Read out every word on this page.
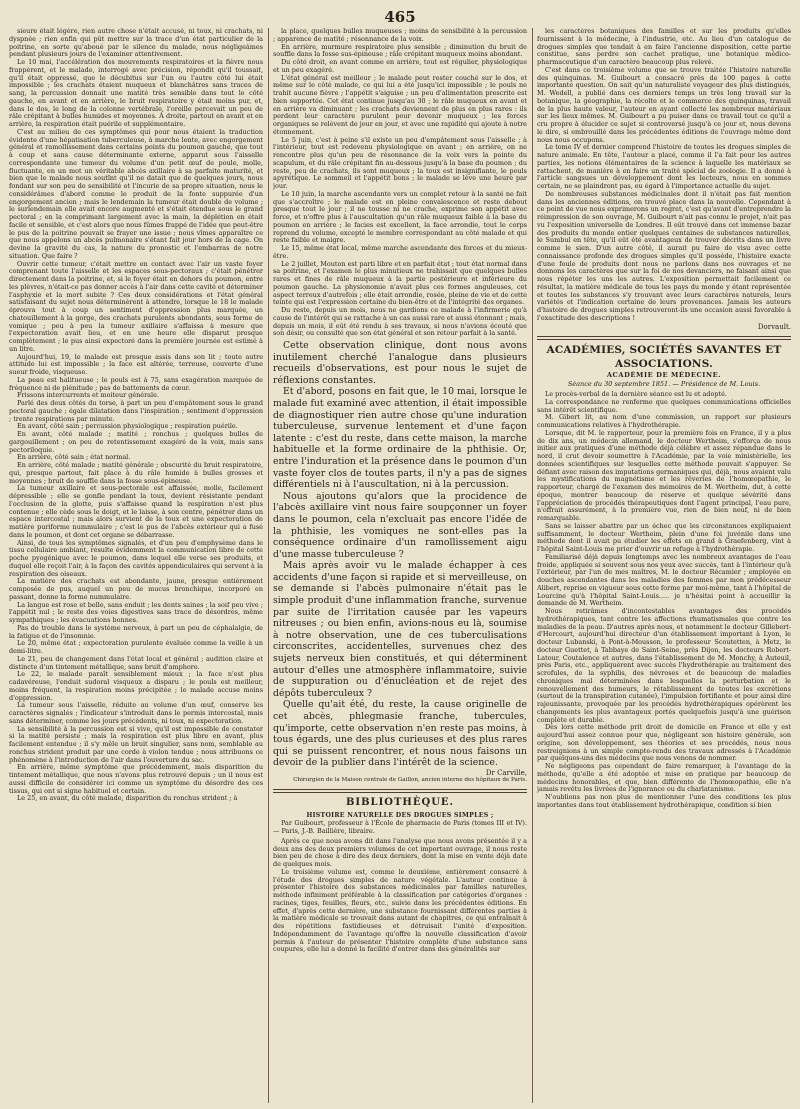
465

sieure était légère, rien autre chose n'était accusé, ni toux, ni crachats, ni dyspnée ; rien enfin qui pût mettre sur la trace d'un état particulier de la poitrine, en sorte qu'aboué par le silence du malade, nous négligeâmes pendant plusieurs jours de l'examiner attentivement.

Le 10 mai, l'accélération des mouvements respiratoires et la fièvre nous frappèrent, et le malade, interrogé avec précision, répondit qu'il toussait, qu'il était oppressé, que le décubitus sur l'un ou l'autre côté lui était impossible ; les crachats étaient muqueux et blanchâtres sans traces de sang, la percussion donnait une matité très sensible dans tout le côté gauche, en avant et en arrière, le bruit respiratoire y était moins pur, et, dans le dos, le long de la colonne vertébrale, l'oreille percevait un peu de râle crépitant à bulles humides et moyennes. À droite, partout en avant et en arrière, la respiration était puérile et supplémentaire.

C'est au milieu de ces symptômes qui pour nous étaient la traduction évidente d'une hépatisation tuberculeuse, à marche lente, avec engorgement général et ramollissement dans certains points du poumon gauche, que tout à coup et sans cause déterminante externe, apparut sous l'aisselle correspondante une tumeur du volume d'un petit œuf de poule, molle, fluctuante, en un mot un véritable abcès axillaire à sa parfaite maturité, et bien que le malade nous soutînt qu'il ne datait que de quelques jours, nous fondant sur son peu de sensibilité et l'incurie de sa propre situation, nous le considérâmes d'abord comme le produit de la fonte suppurée d'un engorgement ancien ; mais le lendemain la tumeur était double de volume ; le surlendemain elle avait encore augmenté et s'était étendue sous le grand pectoral ; en la comprimant largement avec la main, la déplétion en était facile et sensible, et c'est alors que nous fûmes frappé de l'idée que peut-être le pus de la poitrine pouvait se frayer une issue ; nous vîmes apparaître ce que nous appelons un abcès pulmonaire s'étant fait jour hors de la cage. On devine la gravité du cas, la nature du pronostic et l'embarras de notre situation. Que faire ?

Ouvrir cette tumeur, c'était mettre en contact avec l'air un vaste foyer comprenant toute l'aisselle et les espaces sous-pectoraux ; c'était pénétrer directement dans la poitrine, et, si le foyer était en dehors du poumon, entre les plèvres, n'était-ce pas donner accès à l'air dans cette cavité et déterminer l'asphyxie et la mort subite ? Ces deux considérations et l'état général satisfaisant du sujet nous déterminèrent à attendre, lorsque le 18 le malade éprouva tout à coup un sentiment d'oppression plus marquée, un chatouillement à la gorge, des crachats purulents abondants, sous forme de vomique ; peu à peu la tumeur axillaire s'affaissa à mesure que l'expectoration avait lieu, et en une heure elle disparut presque complètement ; le pus ainsi expectoré dans la première journée est estimé à un litre.

Aujourd'hui, 19, le malade est presque assis dans son lit ; toute autre attitude lui est impossible ; la face est altérée, terreuse, couverte d'une sueur froide, visqueuse.

La peau est halitueuse ; le pouls est à 75, sans exagération marquée de fréquence ni de plénitude ; pas de battements de cœur.

Frissons intercurrents et moiteur générale.

Parlé des deux côtés du torse, à part un peu d'empâtement sous le grand pectoral gauche ; égale dilatation dans l'inspiration ; sentiment d'oppression ; trente respirations par minute.

En avant, côté sain ; percussion physiologique ; respiration puérile.

En avant, côté malade ; matité ; ronchus ; quelques bulles de gargouillement ; on peu de retentissement exagéré de la voix, mais sans pectoriloquie.

En arrière, côté sain ; état normal.

En arrière, côté malade ; matité générale ; obscurité du bruit respiratoire, qui, presque partout, fait place à du râle humide à bulles grosses et moyennes ; bruit de souffle dans la fosse sous-épineuse.

La tumeur axillaire et sous-pectorale est affaissée, molle, facilement dépressible ; elle se gonfle pendant la toux, devient résistante pendant l'occlusion de la glotte, puis s'affaisse quand la respiration n'est plus contenue ; elle cède sous le doigt, et le laisse, à son centre, pénétrer dans un espace intercostal ; mais alors survient de la toux et une expectoration de matière puriforme nummulaire ; c'est le pus de l'abcès extérieur qui a fusé dans le poumon, et dont cet organe se débarrasse.

Ainsi, de tous les symptômes signalés, et d'un peu d'emphysème dans le tissu cellulaire ambiant, résulte évidemment la communication libre de cette poche pyogénique avec le poumon, dans lequel elle verse ses produits, et duquel elle reçoit l'air, à la façon des cavités appendiculaires qui servent à la respiration des oiseaux.

La matière des crachats est abondante, jaune, presque entièrement composée de pus, auquel un peu de mucus bronchique, incorporé en passant, donne la forme nummulaire.

La langue est rose et belle, sans enduit ; les dents saines ; la soif peu vive ; l'appétit nul ; le reste des voies digestives sans trace de désordres, même sympathiques ; les évacuations bonnes.

Pas de trouble dans le système nerveux, à part un peu de céphalalgie, de la fatigue et de l'insomnie.

Le 20, même état ; expectoration purulente évaluée comme la veille à un demi-litre.

Le 21, peu de changement dans l'état local et général ; audition claire et distincte d'un tintement métallique, sans bruit d'amphore.

Le 22, le malade paraît sensiblement mieux ; la face n'est plus cadavéreuse, l'enduit sudoral visqueux a disparu ; le pouls est meilleur, moins fréquent, la respiration moins précipitée ; le malade accuse moins d'oppression.

La tumeur sous l'aisselle, réduite au volume d'un œuf, conserve les caractères signalés ; l'indicateur s'introduit dans le permis intercostal, mais sans déterminer, comme les jours précédents, ni toux, ni expectoration.

La sensibilité à la percussion est si vive, qu'il est impossible de constater si la matité persiste ; mais la respiration est plus libre en avant, plus facilement entendue ; il s'y mêle un bruit singulier, sans nom, semblable au ronchus strident produit par une corde à violon tendue ; nous attribuons ce phénomène à l'introduction de l'air dans l'ouverture du sac.

En arrière, même symptôme que précédemment, mais disparition du tintement métallique, que nous n'avons plus retrouvé depuis ; un il nous est aussi difficile de considérer ici comme un symptôme du désordre des ces tissus, qui ont si signe habituel et certain.

Le 25, en avant, du côté malade, disparition du ronchus strident ; à

la place, quelques bulles muqueuses ; moins de sensibilité à la percussion ; apparence de matité ; résonnance de la voix.

En arrière, murmure respiratoire plus sensible ; diminution du bruit de souffle dans la fosse sus-épineuse ; râle crépitant muqueux moins abondant.

Du côté droit, en avant comme en arrière, tout est régulier, physiologique et un peu exagéré.

L'état général est meilleur ; le malade peut rester couché sur le dos, et même sur le côté malade, ce qui lui a été jusqu'ici impossible ; le pouls ne trahit aucune fièvre ; l'appétit s'aiguise ; un peu d'alimentation prescrite est bien supportée. Cet état continue jusqu'au 30 ; le râle muqueux en avant et en arrière va diminuant ; les crachats deviennent de plus en plus rares : ils perdent leur caractère purulent pour devenir muqueux ; les forces organiques se relèvent de jour en jour, et avec une rapidité qui ajoute à notre étonnement.

Le 5 juin, c'est à peine s'il existe un peu d'empâtement sous l'aisselle ; à l'intérieur, tout est redevenu physiologique en avant ; en arrière, on ne rencontre plus qu'un peu de résonnance de la voix vers la pointe du scapulum, et du râle crépitant fin au-dessous jusqu'à la base du poumon ; du reste, peu de crachats, ils sont muqueux ; la toux est insignifiante, le pouls apyrétique. Le sommeil et l'appétit bons ; le malade se lève une heure par jour.

Le 10 juin, la marche ascendante vers un complet retour à la santé ne fait que s'accroître ; le malade est en pleine convalescence et reste debout presque tout le jour ; il ne tousse ni ne crache, exprime son appétit avec force, et n'offre plus à l'auscultation qu'un râle muqueux faible à la base du poumon en arrière ; le facies est excellent, la face arrondie, tout le corps reprend du volume, excepté le membre correspondant au côté malade et qui reste faible et maigre.

Le 15, même état local, même marche ascendante des forces et du mieux-être.

Le 2 juillet, Mouton est parti libre et en parfait état ; tout état normal dans sa poitrine, et l'examen le plus minutieux ne trahissait que quelques bulles rares et fines de râle muqueux à la partie postérieure et inférieure du poumon gauche. La physionomie n'avait plus ces formes anguleuses, cet aspect terreux d'autrefois ; elle était arrondie, rosée, pleine de vie et de cette teinte qui est l'expression certaine du bien-être et de l'intégrité des organes.

Du reste, depuis un mois, nous ne gardions ce malade à l'infirmerie qu'à cause de l'intérêt qui se rattache à un cas aussi rare et aussi étonnant ; mais, depuis un mois, il eût été rendu à ses travaux, si nous n'avions écouté que son désir, ou consulté que son état général et son retour parfait à la santé.

Cette observation clinique, dont nous avons inutilement cherché l'analogue dans plusieurs recueils d'observations, est pour nous le sujet de réflexions constantes.

Et d'abord, posons en fait que, le 10 mai, lorsque le malade fut examiné avec attention, il était impossible de diagnostiquer rien autre chose qu'une induration tuberculeuse, survenue lentement et d'une façon latente : c'est du reste, dans cette maison, la marche habituelle et la forme ordinaire de la phthisie. Or, entre l'induration et la présence dans le poumon d'un vaste foyer clos de toutes parts, il n'y a pas de signes différentiels ni à l'auscultation, ni à la percussion.

Nous ajoutons qu'alors que la procidence de l'abcès axillaire vint nous faire soupçonner un foyer dans le poumon, cela n'excluait pas encore l'idée de la phthisie, les vomiques ne sont-elles pas la conséquence ordinaire d'un ramollissement aigu d'une masse tuberculeuse ?

Mais après avoir vu le malade échapper à ces accidents d'une façon si rapide et si merveilleuse, on se demande si l'abcès pulmonaire n'était pas le simple produit d'une inflammation franche, survenue par suite de l'irritation causée par les vapeurs nitreuses ; ou bien enfin, avions-nous eu là, soumise à notre observation, une de ces tuberculisations circonscrites, accidentelles, survenues chez des sujets nerveux bien constitués, et qui déterminent autour d'elles une atmosphère inflammatoire, suivie de suppuration ou d'énucléation et de rejet des dépôts tuberculeux ?

Quelle qu'ait été, du reste, la cause originelle de cet abcès, phlegmasie franche, tubercules, qu'importe, cette observation n'en reste pas moins, à tous égards, une des plus curieuses et des plus rares qui se puissent rencontrer, et nous nous faisons un devoir de la publier dans l'intérêt de la science.

Dr Carville,

Chirurgien de la Maison centrale de Gaillon, ancien interne des hôpitaux de Paris.

BIBLIOTHÈQUE.
HISTOIRE NATURELLE DES DROGUES SIMPLES ;

Par Guibourt, professeur à l'École de pharmacie de Paris (tomes III et IV). — Paris, J.-B. Baillière, libraire.

Après ce que nous avons dit dans l'analyse que nous avons présentée il y a deux ans des deux premiers volumes de cet important ouvrage, il nous reste bien peu de chose à dire des deux derniers, dont la mise en vente déjà date de quelques mois.

Le troisième volume est, comme le deuxième, entièrement consacré à l'étude des drogues simples de nature végétale. L'auteur continue à présenter l'histoire des substances médicinales par familles naturelles, méthode infiniment préférable à la classification par catégories d'organes : racines, tiges, feuilles, fleurs, etc., suivie dans les précédentes éditions. En effet, d'après cette dernière, une substance fournissant différentes parties à la matière médicale se trouvait dans autant de chapitres, ce qui entraînait à des répétitions fastidieuses et détruisait l'unité d'exposition. Indépendamment de l'avantage qu'offre la nouvelle classification d'avoir permis à l'auteur de présenter l'histoire complète d'une substance sans coupures, elle lui a donné la facilité d'entrer dans des généralités sur

les caractères botaniques des familles et sur les produits qu'elles fournissent à la médecine, à l'industrie, etc. Au lieu d'un catalogue de drogues simples que tendait à en faire l'ancienne disposition, cette partie constitue, sans perdre son cachet pratique, une botanique médico-pharmaceutique d'un caractère beaucoup plus relevé.

C'est dans ce troisième volume que se trouve traitée l'histoire naturelle des quinquinas. M. Guibourt a consacré près de 100 pages à cette importante question. On sait qu'un naturaliste voyageur des plus distingués, M. Wedell, a publié dans ces derniers temps un très long travail sur la botanique, la géographie, la récolte et le commerce des quinquinas, travail de la plus haute valeur, l'auteur en ayant collecté les nombreux matériaux sur les lieux mêmes. M. Guibourt a pu puiser dans ce travail tout ce qu'il a cru propre à élucider ce sujet si controversé jusqu'à ce jour et, nous devons le dire, si embrouillé dans les précédentes éditions de l'ouvrage même dont nous nous occupons.

Le tome IV et dernier comprend l'histoire de toutes les drogues simples de nature animale. En tête, l'auteur a placé, comme il l'a fait pour les autres parties, les notions élémentaires de la science à laquelle les matériaux se rattachent, de manière à en faire un traité spécial de zoologie. Il a donné à l'article sangsues un développement dont les lecteurs, nous en sommes certain, ne se plaindront pas, eu égard à l'importance actuelle du sujet.

De nombreuses substances médicinales dont il n'était pas fait mention dans les anciennes éditions, on trouvé place dans la nouvelle. Cependant à ce point de vue nous exprimerons un regret, c'est qu'avant d'entreprendre la réimpression de son ouvrage, M. Guibourt n'ait pas connu le projet, n'ait pas vu l'exposition universelle de Londres. Il eût trouvé dans cet immense bazar des produits du monde entier quelques centaines de substances naturelles, le Sumbul en tête, qu'il eût été avantageux de trouver décrits dans un livre comme le sien. D'un autre côté, il aurait pu faire de visu avec cette connaissance profonde des drogues simples qu'il possède, l'histoire exacte d'une foule de produits dont nous ne parlons dans nos ouvrages et ne donnons les caractères que sur la foi de nos devanciers, ne faisant ainsi que nous répéter les uns les autres. L'exposition permettait facilement ce résultat, la matière médicale de tous les pays du monde y étant représentée et toutes les substances s'y trouvant avec leurs caractères naturels, leurs variétés et l'indication certaine de leurs provenances. Jamais les auteurs d'histoire de drogues simples retrouveront-ils une occasion aussi favorable à l'exactitude des descriptions !

Dorvault.

ACADÉMIES, SOCIÉTÉS SAVANTES ET ASSOCIATIONS.
ACADÉMIE DE MÉDECINE.
Séance du 30 septembre 1851. — Présidence de M. Louis.

Le procès-verbal de la dernière séance est lu et adopté.

La correspondance ne renferme que quelques communications officielles sans intérêt scientifique.

M. Gibert lit, au nom d'une commission, un rapport sur plusieurs communications relatives à l'hydrothérapie.

Lorsque, dit M. le rapporteur, pour la première fois en France, il y a plus de dix ans, un médecin allemand, le docteur Wertheim, s'efforça de nous initier aux pratiques d'une méthode déjà célèbre et assez répandue dans le nord, il crut devoir soumettre à l'Académie, par la voie ministérielle, les données scientifiques sur lesquelles cette méthode pouvait s'appuyer. Se défiant avec raison des imputations germaniques qui, déjà, nous avaient valu les mystifications du magnétisme et les rêveries de l'homœopathie, le rapporteur, chargé de l'examen des mémoires de M. Wertheim, dut, à cette époque, montrer beaucoup de réserve et quelque sévérité dans l'appréciation de procédés thérapeutiques dont l'agent principal, l'eau pure, n'offrait assurément, à la première vue, rien de bien neuf, ni de bien remarquable.

Sans se laisser abattre par un échec que les circonstances expliquaient suffisamment, le docteur Wertheim, plein d'une foi juvénile dans une méthode dont il avait pu étudier les effets en grand à Graefenberg, vint à l'hôpital Saint-Louis me prier d'ouvrir un refuge à l'hydrothérapie.

Familiarisé déjà depuis longtemps avec les nombreux avantages de l'eau froide, appliquée si souvent sous nos yeux avec succès, tant à l'intérieur qu'à l'extérieur, par l'un de mes maîtres, M. le docteur Récamier ; employée en douches ascendantes dans les maladies des femmes par mon prédécesseur Alibert, reprise en vigueur sous cette forme par moi-même, tant à l'hôpital de Lourcine qu'à l'hôpital Saint-Louis..... je n'hésitai point à accueillir la demande de M. Wertheim.

Nous retirâmes d'incontestables avantages des procédés hydrothérapiques, tant contre les affections rhumatismales que contre les maladies de la peau. D'autres après nous, et notamment le docteur Gillebert-d'Hercourt, aujourd'hui directeur d'un établissement important à Lyon, le docteur Lubanski, à Pont-à-Mousson, le professeur Scoutetten, à Metz, le docteur Guettet, à Tabbaye de Saint-Seine, près Dijon, les docteurs Robert-Latour, Coutalence et autres, dans l'établissement de M. Monchy, à Auteuil, près Paris, etc., appliquèrent avec succès l'hydrothérapie au traitement des scrofules, de la syphilis, des névroses et de beaucoup de maladies chroniques mal déterminées dans lesquelles la perturbation et le renouvellement des humeurs, le rétablissement de toutes les excrétions (surtout de la transpiration cutanée), l'impulsion fortifiante et pour ainsi dire rajeunissante, provoquée par les procédés hydrothérapiques opérèrent les changements les plus avantageux portés quelquefois jusqu'à une guérison complète et durable.

Dès lors cette méthode prit droit de domicile en France et elle y est aujourd'hui assez connue pour que, négligeant son histoire générale, son origine, son développement, ses théories et ses procédés, nous nous restreignions à un simple compte-rendu des travaux adressés à l'Académie par quelques-uns des médecins que nous venons de nommer.

Ne négligeons pas cependant de faire remarquer, à l'avantage de la méthode, qu'elle a été adoptée et mise en pratique par beaucoup de médecins honorables, et que, bien différente de l'homœopathie, elle n'a jamais revêtu les livrées de l'ignorance ou du charlatanisme.

N'oublions pas non plus de mentionner l'une des conditions les plus importantes dans tout établissement hydrothérapique, condition si bien
